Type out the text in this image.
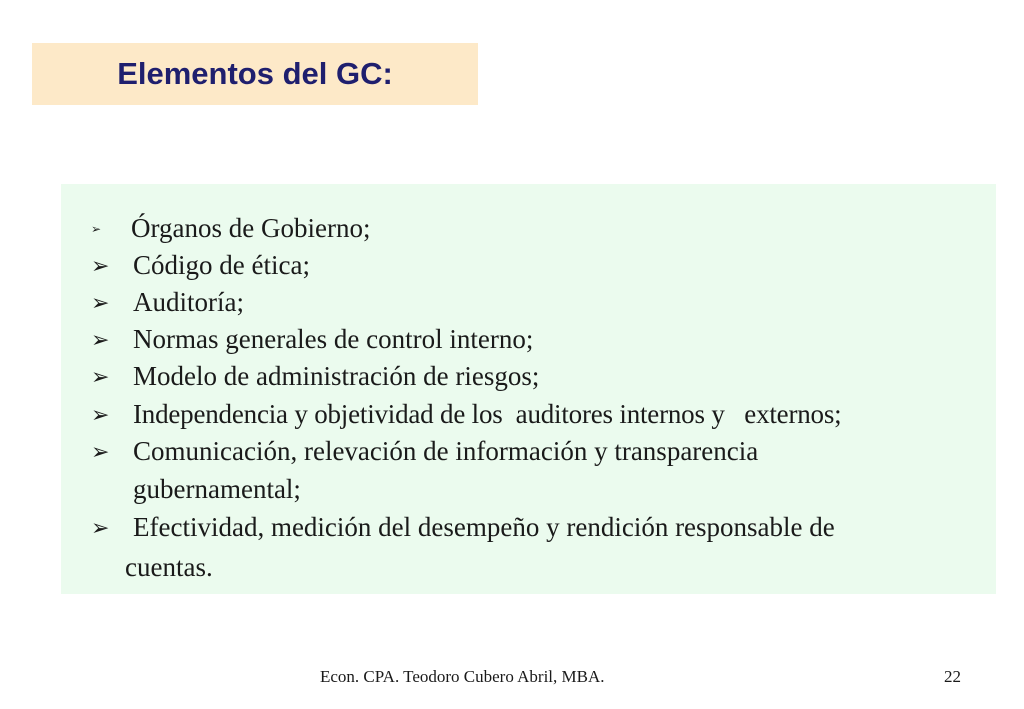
Elementos del GC:
➢ Órganos de Gobierno;
➢ Código de ética;
➢ Auditoría;
➢ Normas generales de control interno;
➢ Modelo de administración de riesgos;
➢ Independencia y objetividad de los  auditores internos y   externos;
➢ Comunicación, relevación de información y transparencia
gubernamental;
➢ Efectividad, medición del desempeño y rendición responsable de
cuentas.
Econ. CPA. Teodoro Cubero Abril, MBA.	22
